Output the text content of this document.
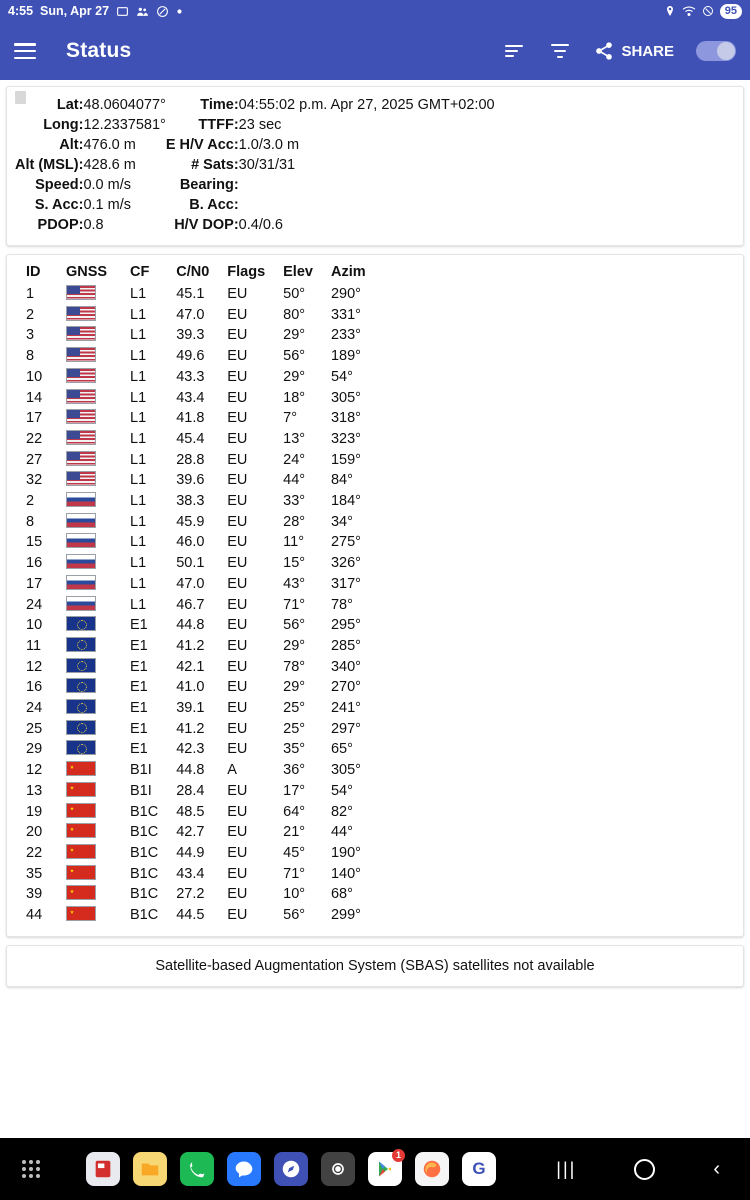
4:55 Sun, Apr 27	95
Status	SHARE
Lat:	48.0604077°	Time:	04:55:02 p.m. Apr 27, 2025 GMT+02:00
Long:	12.2337581°	TTFF:	23 sec
Alt:	476.0 m	E H/V Acc:	1.0/3.0 m
Alt (MSL):	428.6 m	# Sats:	30/31/31
Speed:	0.0 m/s	Bearing:	
S. Acc:	0.1 m/s	B. Acc:	
PDOP:	0.8	H/V DOP:	0.4/0.6
ID	GNSS	CF	C/N0	Flags	Elev	Azim
1		L1	45.1	EU	50°	290°
2		L1	47.0	EU	80°	331°
3		L1	39.3	EU	29°	233°
8		L1	49.6	EU	56°	189°
10		L1	43.3	EU	29°	54°
14		L1	43.4	EU	18°	305°
17		L1	41.8	EU	7°	318°
22		L1	45.4	EU	13°	323°
27		L1	28.8	EU	24°	159°
32		L1	39.6	EU	44°	84°
2		L1	38.3	EU	33°	184°
8		L1	45.9	EU	28°	34°
15		L1	46.0	EU	11°	275°
16		L1	50.1	EU	15°	326°
17		L1	47.0	EU	43°	317°
24		L1	46.7	EU	71°	78°
10		E1	44.8	EU	56°	295°
11		E1	41.2	EU	29°	285°
12		E1	42.1	EU	78°	340°
16		E1	41.0	EU	29°	270°
24		E1	39.1	EU	25°	241°
25		E1	41.2	EU	25°	297°
29		E1	42.3	EU	35°	65°
12		B1I	44.8	A	36°	305°
13		B1I	28.4	EU	17°	54°
19		B1C	48.5	EU	64°	82°
20		B1C	42.7	EU	21°	44°
22		B1C	44.9	EU	45°	190°
35		B1C	43.4	EU	71°	140°
39		B1C	27.2	EU	10°	68°
44		B1C	44.5	EU	56°	299°
Satellite-based Augmentation System (SBAS) satellites not available
1
G	|||	‹
